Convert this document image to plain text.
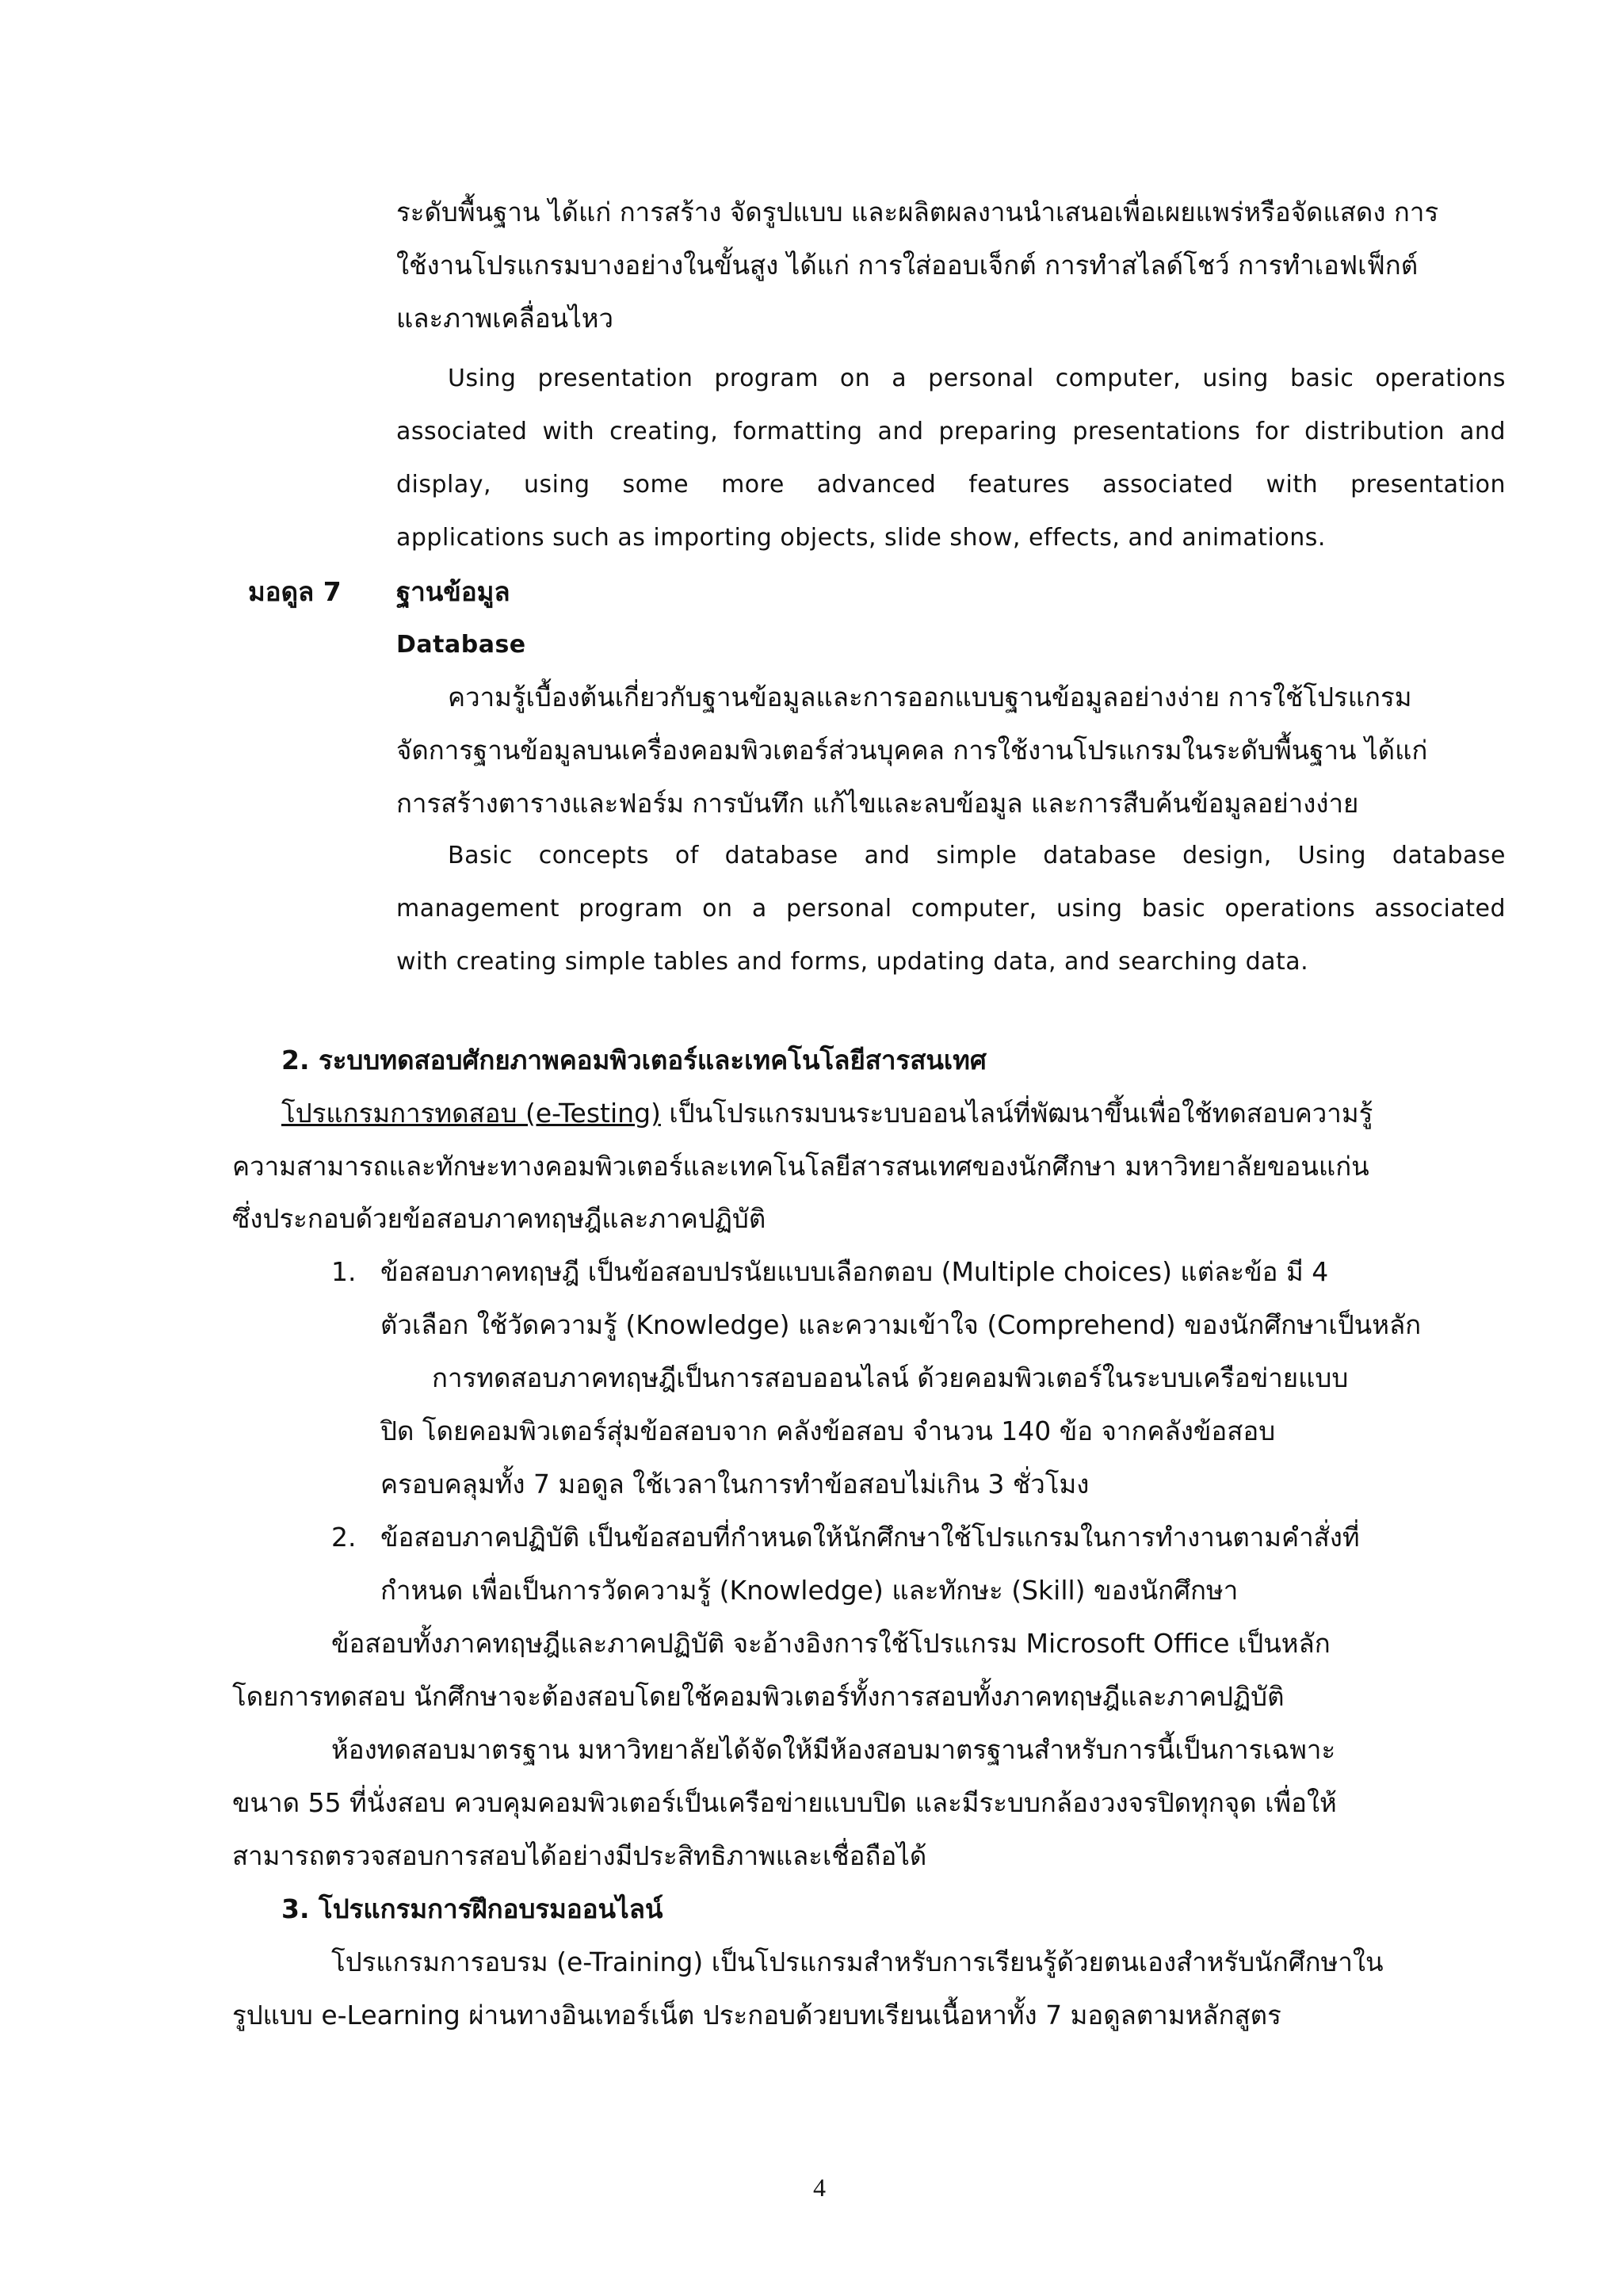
ระดับพื้นฐาน ได้แก่ การสร้าง จัดรูปแบบ และผลิตผลงานนำเสนอเพื่อเผยแพร่หรือจัดแสดง การ

ใช้งานโปรแกรมบางอย่างในขั้นสูง ได้แก่ การใส่ออบเจ็กต์ การทำสไลด์โชว์ การทำเอฟเฟ็กต์

และภาพเคลื่อนไหว

Using presentation program on a personal computer, using basic operations

associated with creating, formatting and preparing presentations for distribution and

display, using some more advanced features associated with presentation

applications such as importing objects, slide show, effects, and animations.

มอดูล 7 ฐานข้อมูล

Database

ความรู้เบื้องต้นเกี่ยวกับฐานข้อมูลและการออกแบบฐานข้อมูลอย่างง่าย การใช้โปรแกรม

จัดการฐานข้อมูลบนเครื่องคอมพิวเตอร์ส่วนบุคคล การใช้งานโปรแกรมในระดับพื้นฐาน ได้แก่

การสร้างตารางและฟอร์ม การบันทึก แก้ไขและลบข้อมูล และการสืบค้นข้อมูลอย่างง่าย

Basic concepts of database and simple database design, Using database

management program on a personal computer, using basic operations associated

with creating simple tables and forms, updating data, and searching data.

2. ระบบทดสอบศักยภาพคอมพิวเตอร์และเทคโนโลยีสารสนเทศ

โปรแกรมการทดสอบ (e-Testing) เป็นโปรแกรมบนระบบออนไลน์ที่พัฒนาขึ้นเพื่อใช้ทดสอบความรู้

ความสามารถและทักษะทางคอมพิวเตอร์และเทคโนโลยีสารสนเทศของนักศึกษา มหาวิทยาลัยขอนแก่น

ซึ่งประกอบด้วยข้อสอบภาคทฤษฎีและภาคปฏิบัติ

1. ข้อสอบภาคทฤษฎี เป็นข้อสอบปรนัยแบบเลือกตอบ (Multiple choices) แต่ละข้อ มี 4

ตัวเลือก ใช้วัดความรู้ (Knowledge) และความเข้าใจ (Comprehend) ของนักศึกษาเป็นหลัก

การทดสอบภาคทฤษฎีเป็นการสอบออนไลน์ ด้วยคอมพิวเตอร์ในระบบเครือข่ายแบบ

ปิด โดยคอมพิวเตอร์สุ่มข้อสอบจาก คลังข้อสอบ จำนวน 140 ข้อ จากคลังข้อสอบ

ครอบคลุมทั้ง 7 มอดูล ใช้เวลาในการทำข้อสอบไม่เกิน 3 ชั่วโมง

2. ข้อสอบภาคปฏิบัติ เป็นข้อสอบที่กำหนดให้นักศึกษาใช้โปรแกรมในการทำงานตามคำสั่งที่

กำหนด เพื่อเป็นการวัดความรู้ (Knowledge) และทักษะ (Skill) ของนักศึกษา

ข้อสอบทั้งภาคทฤษฎีและภาคปฏิบัติ จะอ้างอิงการใช้โปรแกรม Microsoft Office เป็นหลัก

โดยการทดสอบ นักศึกษาจะต้องสอบโดยใช้คอมพิวเตอร์ทั้งการสอบทั้งภาคทฤษฎีและภาคปฏิบัติ

ห้องทดสอบมาตรฐาน มหาวิทยาลัยได้จัดให้มีห้องสอบมาตรฐานสำหรับการนี้เป็นการเฉพาะ

ขนาด 55 ที่นั่งสอบ ควบคุมคอมพิวเตอร์เป็นเครือข่ายแบบปิด และมีระบบกล้องวงจรปิดทุกจุด เพื่อให้

สามารถตรวจสอบการสอบได้อย่างมีประสิทธิภาพและเชื่อถือได้

3. โปรแกรมการฝึกอบรมออนไลน์

โปรแกรมการอบรม (e-Training) เป็นโปรแกรมสำหรับการเรียนรู้ด้วยตนเองสำหรับนักศึกษาใน

รูปแบบ e-Learning ผ่านทางอินเทอร์เน็ต ประกอบด้วยบทเรียนเนื้อหาทั้ง 7 มอดูลตามหลักสูตร

4
